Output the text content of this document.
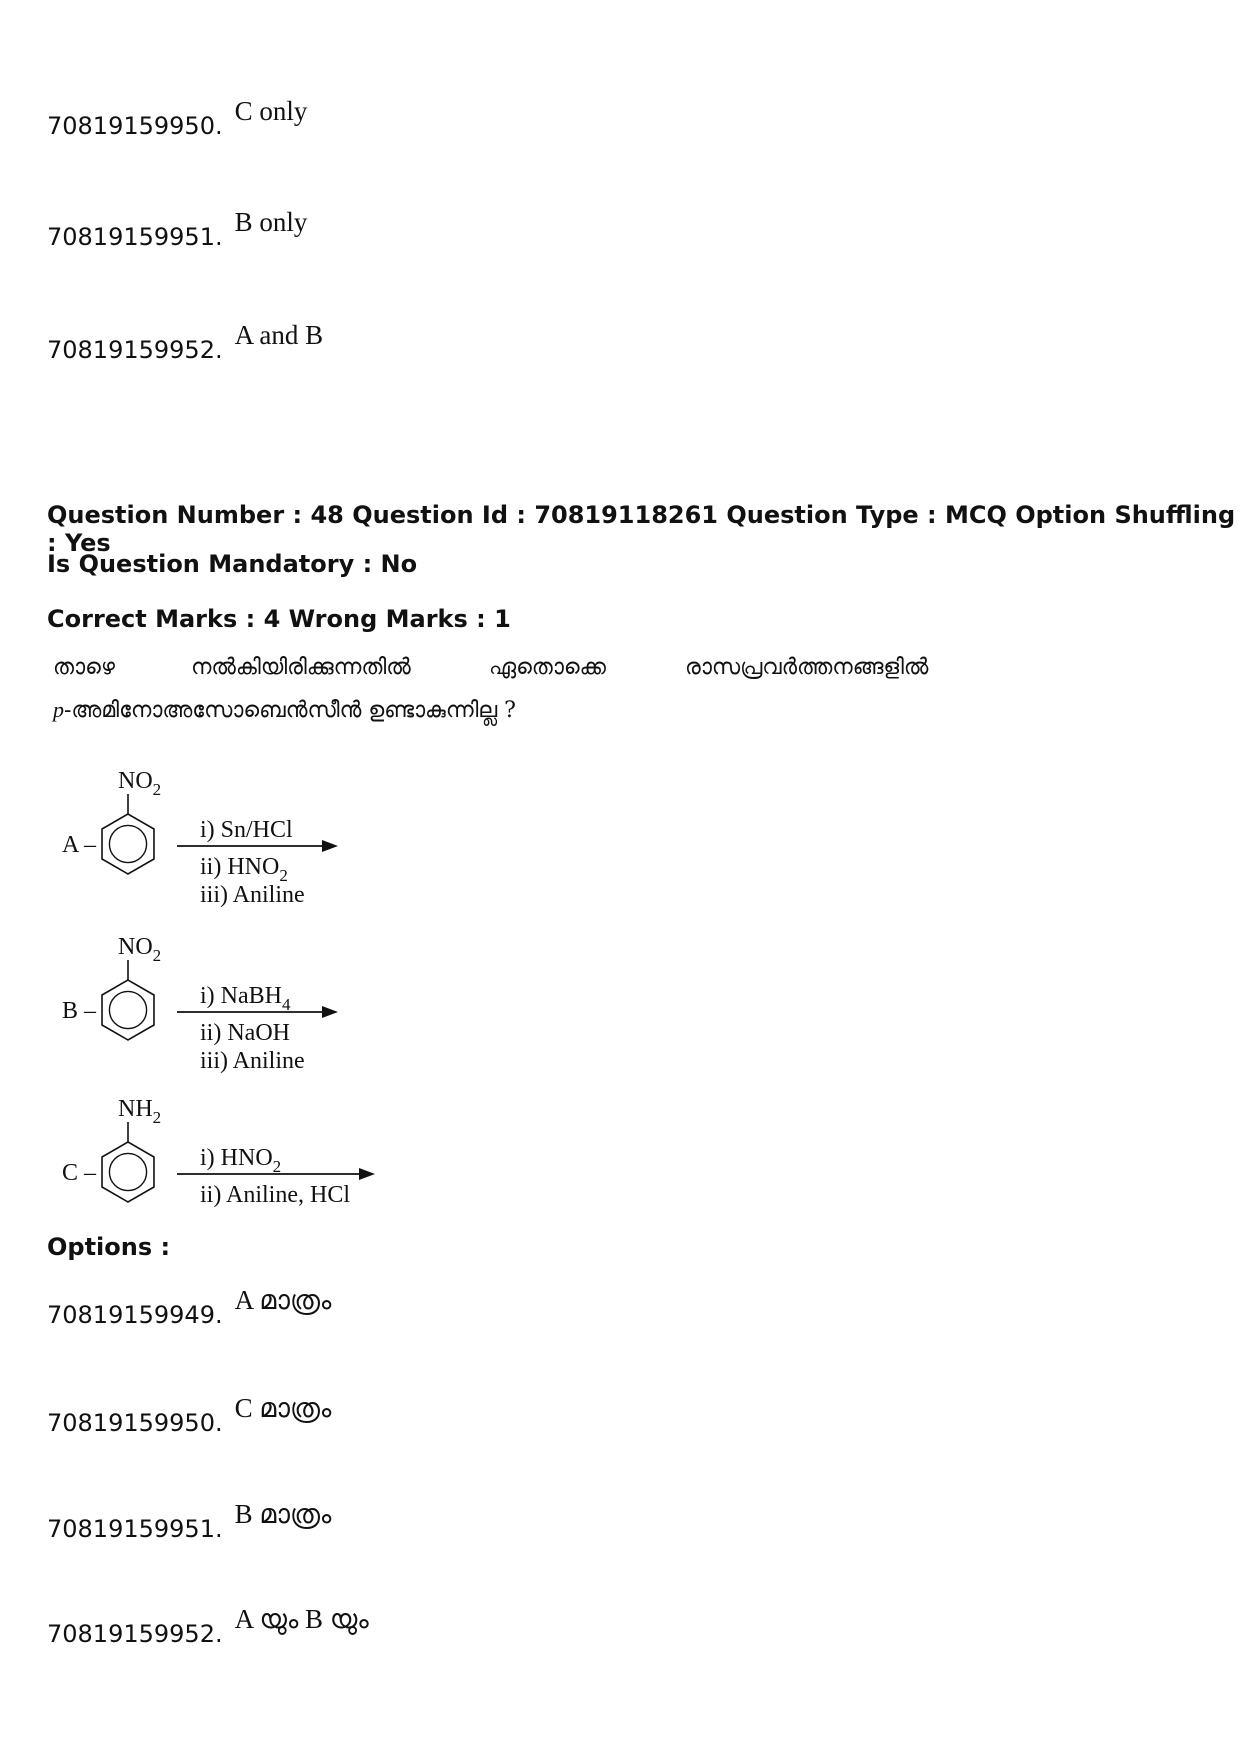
70819159950. C only
70819159951. B only
70819159952. A and B
Question Number : 48 Question Id : 70819118261 Question Type : MCQ Option Shuffling : Yes
Is Question Mandatory : No
Correct Marks : 4 Wrong Marks : 1
താഴെ	നൽകിയിരിക്കുന്നതിൽ	ഏതൊക്കെ	രാസപ്രവർത്തനങ്ങളിൽ
p-അമിനോഅസോബെൻസീൻ ഉണ്ടാകുന്നില്ല ?
$NO_2$
A –
i) Sn/HCl
ii) $HNO_2$
iii) Aniline
$NO_2$
B –
i) NaBH$_4$
ii) NaOH
iii) Aniline
$NH_2$
C –
i) $HNO_2$
ii) Aniline, HCl
Options :
70819159949. A മാത്രം
70819159950. C മാത്രം
70819159951. B മാത്രം
70819159952. A യും B യും
